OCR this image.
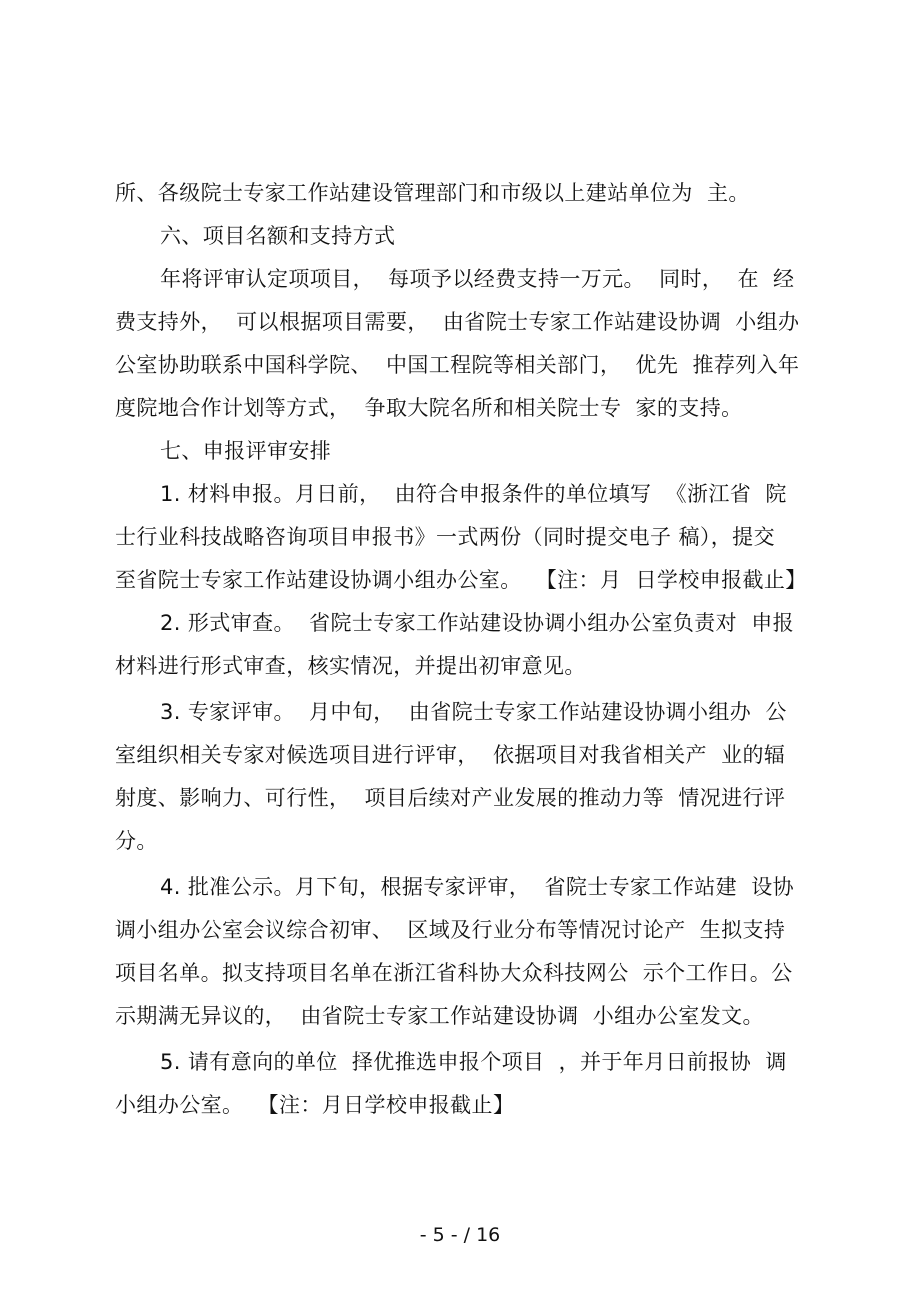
所、各级院士专家工作站建设管理部门和市级以上建站单位为  主。

六、项目名额和支持方式

年将评审认定项项目，  每项予以经费支持一万元。  同时，  在  经

费支持外，  可以根据项目需要，  由省院士专家工作站建设协调  小组办

公室协助联系中国科学院、  中国工程院等相关部门，  优先  推荐列入年

度院地合作计划等方式，  争取大院名所和相关院士专  家的支持。

七、申报评审安排

1. 材料申报。月日前，  由符合申报条件的单位填写  《浙江省  院

士行业科技战略咨询项目申报书》一式两份（同时提交电子 稿），提交

至省院士专家工作站建设协调小组办公室。  【注：月  日学校申报截止】

2. 形式审查。  省院士专家工作站建设协调小组办公室负责对  申报

材料进行形式审查，核实情况，并提出初审意见。

3. 专家评审。  月中旬，  由省院士专家工作站建设协调小组办  公

室组织相关专家对候选项目进行评审，  依据项目对我省相关产  业的辐

射度、影响力、可行性，  项目后续对产业发展的推动力等  情况进行评

分。

4. 批准公示。月下旬，根据专家评审，  省院士专家工作站建  设协

调小组办公室会议综合初审、  区域及行业分布等情况讨论产  生拟支持

项目名单。拟支持项目名单在浙江省科协大众科技网公  示个工作日。公

示期满无异议的，  由省院士专家工作站建设协调  小组办公室发文。

5. 请有意向的单位  择优推选申报个项目  ，并于年月日前报协  调

小组办公室。  【注：月日学校申报截止】

- 5 - / 16
